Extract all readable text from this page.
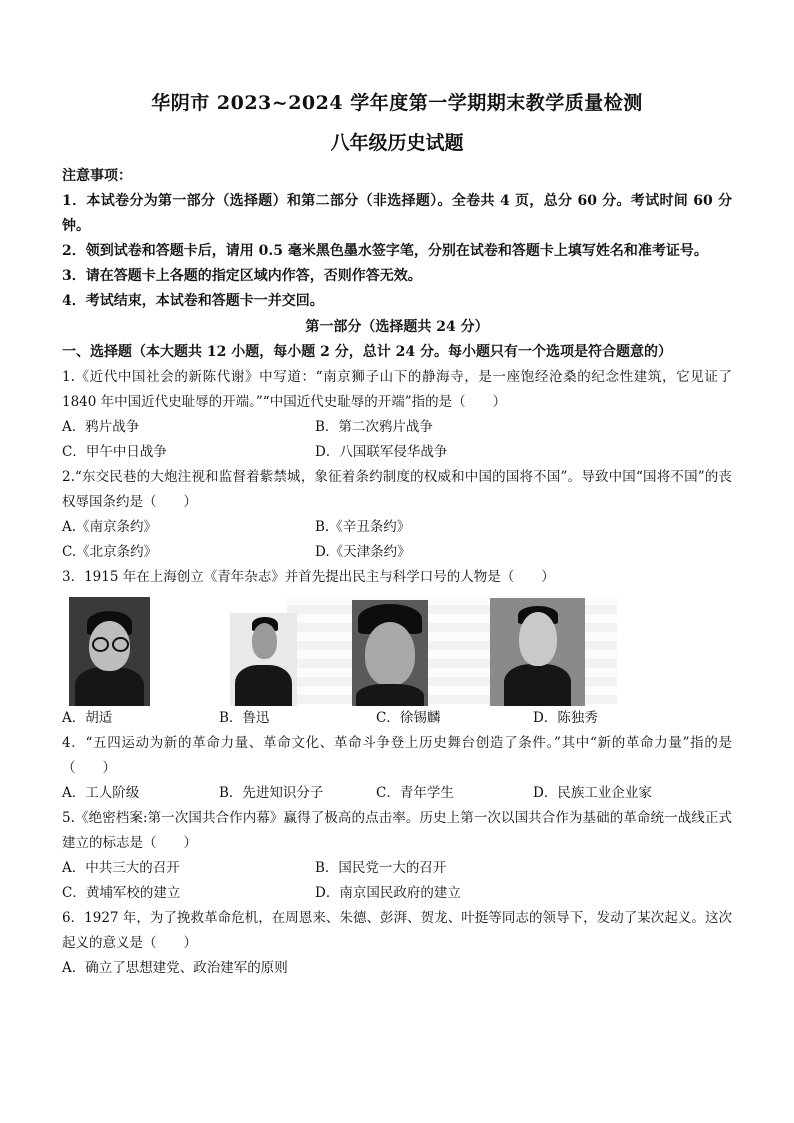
华阴市 2023~2024 学年度第一学期期末教学质量检测
八年级历史试题
注意事项：
1．本试卷分为第一部分（选择题）和第二部分（非选择题）。全卷共 4 页，总分 60 分。考试时间 60 分钟。
2．领到试卷和答题卡后，请用 0.5 毫米黑色墨水签字笔，分别在试卷和答题卡上填写姓名和准考证号。
3．请在答题卡上各题的指定区域内作答，否则作答无效。
4．考试结束，本试卷和答题卡一并交回。
第一部分（选择题共 24 分）
一、选择题（本大题共 12 小题，每小题 2 分，总计 24 分。每小题只有一个选项是符合题意的）
1.《近代中国社会的新陈代谢》中写道：“南京狮子山下的静海寺，是一座饱经沧桑的纪念性建筑，它见证了 1840 年中国近代史耻辱的开端。”“中国近代史耻辱的开端”指的是（　　）
A．鸦片战争	B．第二次鸦片战争
C．甲午中日战争	D．八国联军侵华战争
2.“东交民巷的大炮注视和监督着紫禁城，象征着条约制度的权威和中国的国将不国”。导致中国“国将不国”的丧权辱国条约是（　　）
A.《南京条约》	B.《辛丑条约》
C.《北京条约》	D.《天津条约》
3．1915 年在上海创立《青年杂志》并首先提出民主与科学口号的人物是（　　）
A．胡适	B．鲁迅	C．徐锡麟	D．陈独秀
4．“五四运动为新的革命力量、革命文化、革命斗争登上历史舞台创造了条件。”其中“新的革命力量”指的是（　　）
A．工人阶级	B．先进知识分子	C．青年学生	D．民族工业企业家
5.《绝密档案:第一次国共合作内幕》赢得了极高的点击率。历史上第一次以国共合作为基础的革命统一战线正式建立的标志是（　　）
A．中共三大的召开	B．国民党一大的召开
C．黄埔军校的建立	D．南京国民政府的建立
6．1927 年，为了挽救革命危机，在周恩来、朱德、彭湃、贺龙、叶挺等同志的领导下，发动了某次起义。这次起义的意义是（　　）
A．确立了思想建党、政治建军的原则
